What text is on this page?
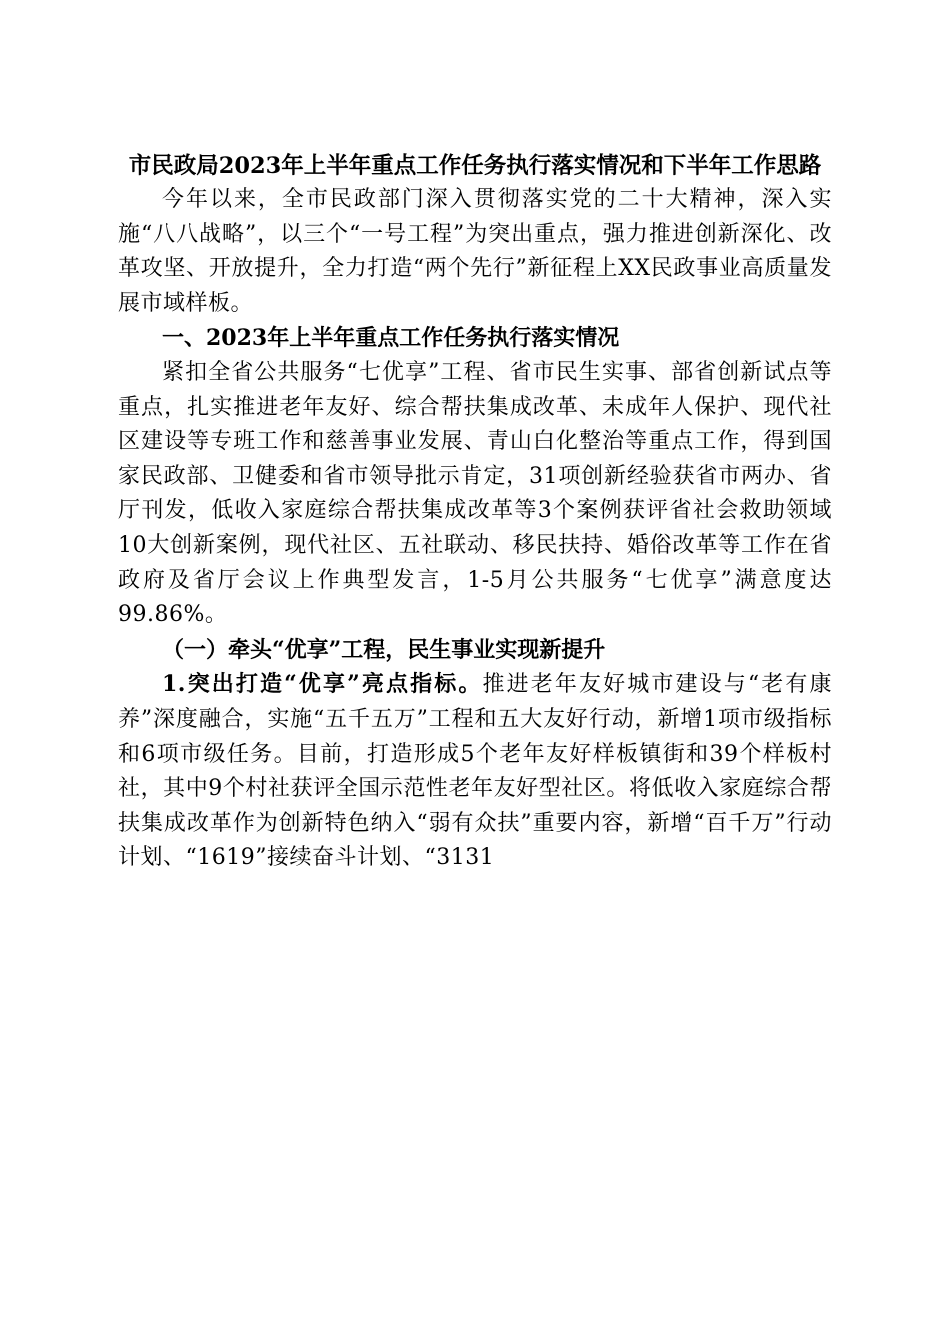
市民政局2023年上半年重点工作任务执行落实情况和下半年工作思路

今年以来，全市民政部门深入贯彻落实党的二十大精神，深入实施“八八战略”，以三个“一号工程”为突出重点，强力推进创新深化、改革攻坚、开放提升，全力打造“两个先行”新征程上XX民政事业高质量发展市域样板。

一、2023年上半年重点工作任务执行落实情况

紧扣全省公共服务“七优享”工程、省市民生实事、部省创新试点等重点，扎实推进老年友好、综合帮扶集成改革、未成年人保护、现代社区建设等专班工作和慈善事业发展、青山白化整治等重点工作，得到国家民政部、卫健委和省市领导批示肯定，31项创新经验获省市两办、省厅刊发，低收入家庭综合帮扶集成改革等3个案例获评省社会救助领域10大创新案例，现代社区、五社联动、移民扶持、婚俗改革等工作在省政府及省厅会议上作典型发言，1-5月公共服务“七优享”满意度达99.86%。

（一）牵头“优享”工程，民生事业实现新提升

1.突出打造“优享”亮点指标。推进老年友好城市建设与“老有康养”深度融合，实施“五千五万”工程和五大友好行动，新增1项市级指标和6项市级任务。目前，打造形成5个老年友好样板镇街和39个样板村社，其中9个村社获评全国示范性老年友好型社区。将低收入家庭综合帮扶集成改革作为创新特色纳入“弱有众扶”重要内容，新增“百千万”行动计划、“1619”接续奋斗计划、“3131
